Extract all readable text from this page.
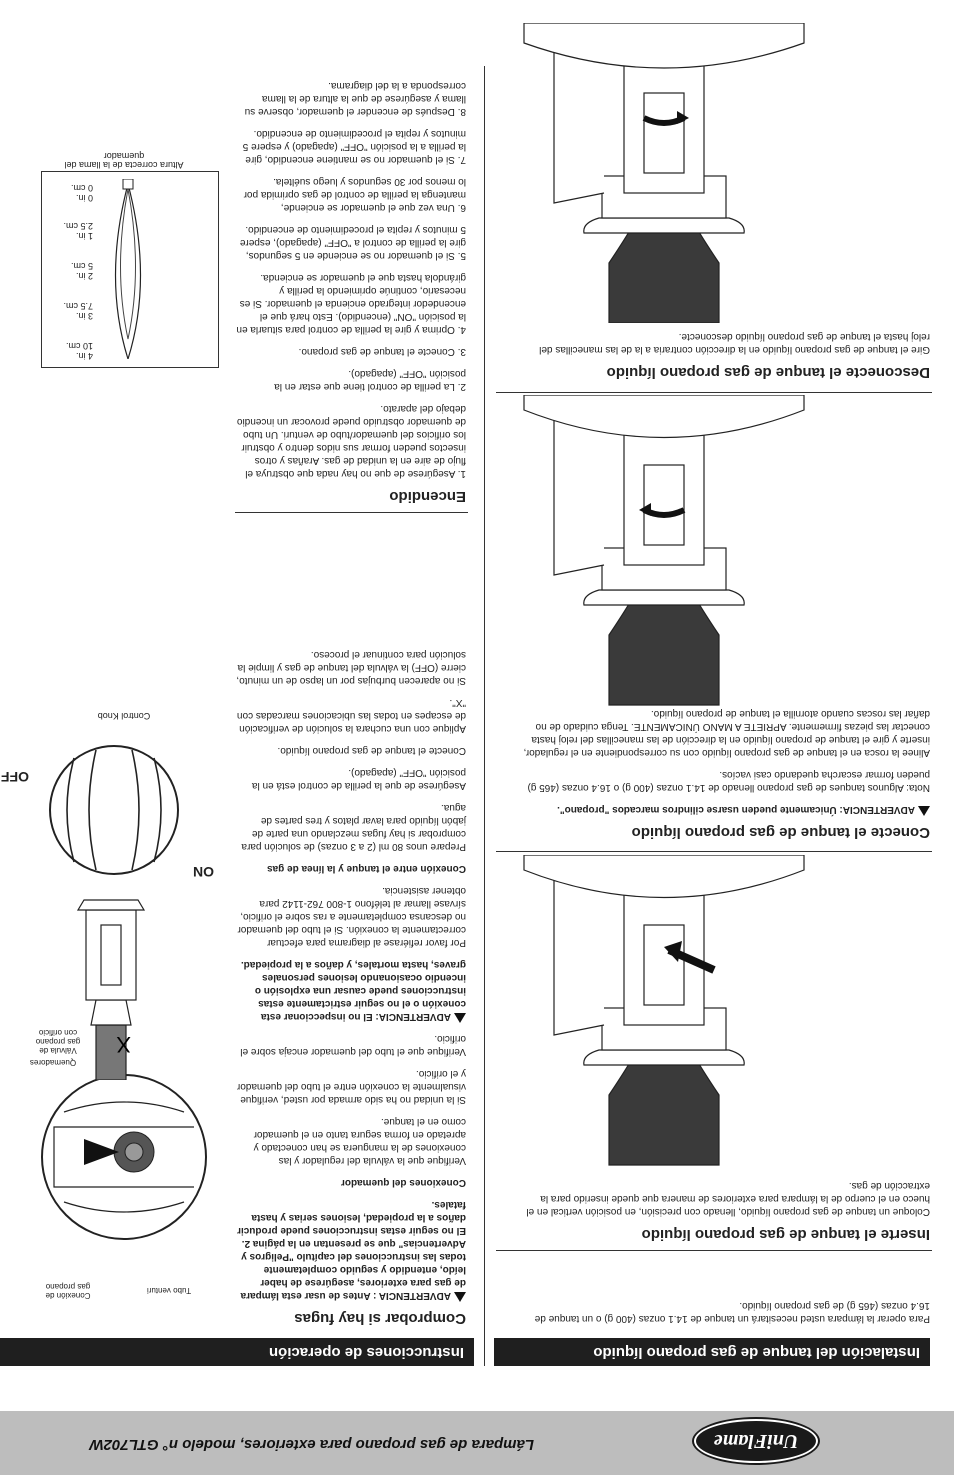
UniFlame
Lámpara de gas propano para exteriores, modelo n° GTL702W
Instalación del tanque de gas propano líquido
Instrucciones de operación

Para operar la lámpara usted necesitará un tanque de 14.1 onzas (400 g) o un tanque de 16.4 onzas (465 g) de gas propano líquido.

Inserte el tanque de gas propano líquido

Coloque un tanque de gas propano líquido, llenado con precisión, en posición vertical en el hueco en el cuerpo de la lámpara para exteriores de manera que quede inserido para la extracción de gas.

Conecte el tanque de gas propano líquido

ADVERTENCIA: Únicamente pueden usarse cilindros marcados "propano".

Nota: Algunos tanques de gas propano llenado de 14.1 onzas (400 g) o 16.4 onzas (465 g) pueden formar escarcha quedando casi vacíos.

Alinee la rosca en el tanque de gas propano líquido con su correspondiente en el regulador, inserte y gire el tanque de propano líquido en la dirección de las manecillas del reloj hasta conectar las piezas firmemente. APRIETE A MANO ÚNICAMENTE. Tenga cuidado de no dañar las roscas cuando atornilla el tanque de propano líquido.

Desconecte el tanque de gas propano líquido

Gire el tanque de gas propano líquido en la dirección contraria a la de las manecillas del reloj hasta el tanque de gas propano líquido desconecte.

Comprobar si hay fugas

ADVERTENCIA : Antes de usar esta lámpara de gas para exteriores, asegúrese de haber leído, entendido y seguido completamente todas las instrucciones del capítulo "Peligros y Advertencias" que se presentan en la página 2. El no seguir estas instrucciones puede producir daños a la propiedad, lesiones serias y hasta fatales.

Conexiones del quemador

Verifique que la válvula del regulador y las conexiones de la manguera se han conectado y apretado en forma segura tanto en el quemador como en el tanque.

Si la unidad no ha sido armada por usted, verifique visualmente la conexión entre el tubo del quemador y el orificio.

Verifique que el tubo del quemador encaja sobre el orificio.

ADVERTENCIA: El no inspeccionar esta conexión o el no seguir estrictamente estas instrucciones puede causar una explosión o incendio ocasionando lesiones personales graves, hasta mortales, y daños a la propiedad.

Por favor refiérase al diagrama para efectuar correctamente la conexión. Si el tubo del quemador no descansa completamente a ras sobre el orificio, sírvase llamar al teléfono 1-800 762-1142 para obtener asistencia.

Conexión entre el tanque y la línea de gas

Prepare unos 80 ml (2 a 3 onzas) de solución para comprobar si hay fugas mezclando una parte de jabón líquido para lavar platos y tres partes de agua.

Asegúrese de que la perilla de control está en la posición "OFF" (apagado).

Conecte el tanque de gas propano líquido.

Aplique con una cuchara la solución de verificación de escapes en todas las ubicaciones marcadas con "X".

Si no aparecen burbujas por un lapso de un minuto, cierre (OFF) la válvula del tanque de gas y limpie la solución para continuar el proceso.

Encendido

1. Asegúrese de que no hay nada que obstruya el flujo de aire en la unidad de gas. Arañas y otros insectos pueden formar sus nidos dentro y obstruir los orificios del quemador/tubo de venturi. Un tubo de quemador obstruido puede provocar un incendio debajo del aparato.

2. La perilla de control tiene que estar en la posición "OFF" (apagado).

3. Conecte el tanque de gas propano.

4. Oprima y gire la perilla de control para situarla en la posición "ON" (encendido). Esto hará que el encendedor integrado encienda el quemador. Si es necesario, continúe oprimiendo la perilla y girándola hasta que el quemador se encienda.

5. Si el quemador no se enciende en 5 segundos, gire la perilla de control a "OFF" (apagado), espere 5 minutos y repita el procedimiento de encendido.

6. Una vez que el quemador se enciende, mantenga la perilla de control de gas oprimida por lo menos por 30 segundos y luego suéltela.

7. Si el quemador no se mantiene encendido, gire la perilla a la posición "OFF" (apagado) y espere 5 minutos y repita el procedimiento de encendido.

8. Después de encender el quemador, observe su llama y asegúrese de que la altura de la llama corresponda a la del diagrama.

Conexión de gas propano	Tubo venturi
Quemadores
Válvula de gas propano con orificio	X
OFF
ON
Control Knob
4 in.
10 cm.
3 in.
7.5 cm.
2 in.
5 cm.
1 in.
2.5 cm.
0 in.
0 cm.
Altura correcta de la llama del quemador
